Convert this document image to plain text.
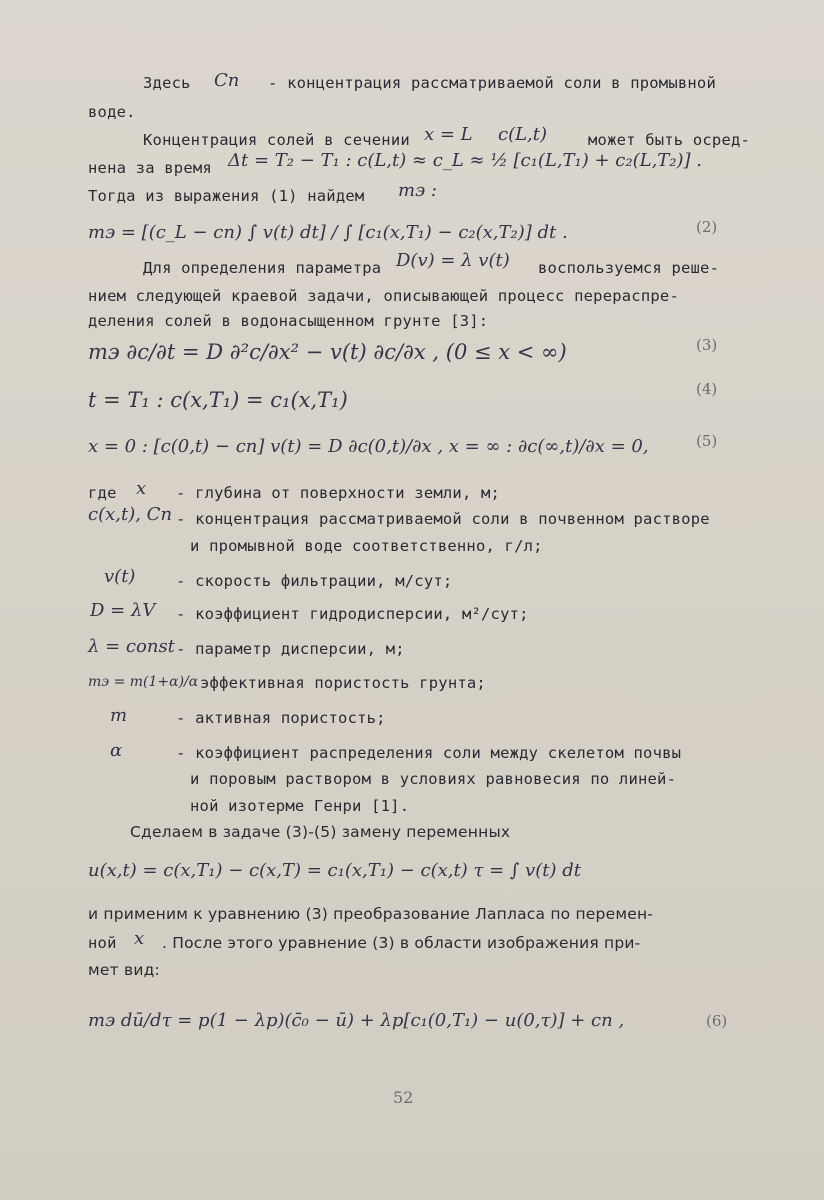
Здесь Cn - концентрация рассматриваемой соли в промывной
воде.
Концентрация солей в сечении x = L c(L,t)	может быть осред-
нена за время Δt = T₂ − T₁ : c(L,t) ≈ c_L ≈ ½ [c₁(L,T₁) + c₂(L,T₂)] .
Тогда из выражения (1) найдем mэ :
mэ = [(c_L − cn) ∫ v(t) dt] / ∫ [c₁(x,T₁) − c₂(x,T₂)] dt .	(2)
Для определения параметра D(v) = λ v(t) воспользуемся реше-
нием следующей краевой задачи, описывающей процесс перераспре-
деления солей в водонасыщенном грунте [3]:
mэ ∂c/∂t = D ∂²c/∂x² − v(t) ∂c/∂x , (0 ≤ x < ∞)	(3)
t = T₁ : c(x,T₁) = c₁(x,T₁)	(4)
x = 0 : [c(0,t) − cn] v(t) = D ∂c(0,t)/∂x , x = ∞ : ∂c(∞,t)/∂x = 0,	(5)
где x - глубина от поверхности земли, м;
c(x,t), Cn - концентрация рассматриваемой соли в почвенном растворе
и промывной воде соответственно, г/л;
v(t)	- скорость фильтрации, м/сут;
D = λV - коэффициент гидродисперсии, м²/сут;
λ = const - параметр дисперсии, м;
mэ = m(1+α)/α эффективная пористость грунта;
m	- активная пористость;
α	- коэффициент распределения соли между скелетом почвы
и поровым раствором в условиях равновесия по линей-
ной изотерме Генри [1].
Сделаем в задаче (3)-(5) замену переменных
u(x,t) = c(x,T₁) − c(x,T) = c₁(x,T₁) − c(x,t) τ = ∫ v(t) dt
и применим к уравнению (3) преобразование Лапласа по перемен-
ной x . После этого уравнение (3) в области изображения при-
мет вид:
mэ dū/dτ = p(1 − λp)(c̄₀ − ū) + λp[c₁(0,T₁) − u(0,τ)] + cn ,	(6)
52
